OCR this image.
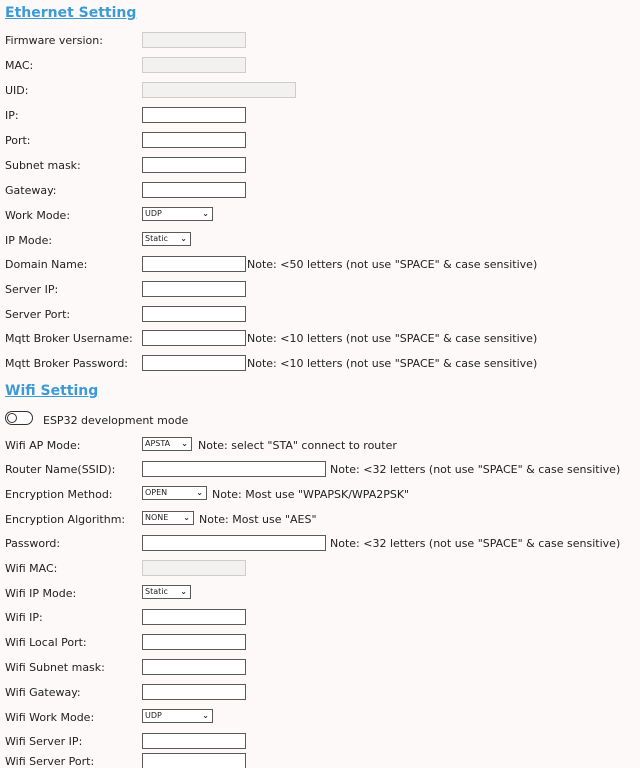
Ethernet Setting
Firmware version:
MAC:
UID:
IP:
Port:
Subnet mask:
Gateway:
Work Mode:	UDP	⌄
IP Mode:	Static ⌄
Domain Name:	Note: <50 letters (not use "SPACE" & case sensitive)
Server IP:
Server Port:
Mqtt Broker Username:	Note: <10 letters (not use "SPACE" & case sensitive)
Mqtt Broker Password:	Note: <10 letters (not use "SPACE" & case sensitive)
Wifi Setting
ESP32 development mode
Wifi AP Mode:	APSTA ⌄ Note: select "STA" connect to router
Router Name(SSID):	Note: <32 letters (not use "SPACE" & case sensitive)
Encryption Method:	OPEN	⌄ Note: Most use "WPAPSK/WPA2PSK"
Encryption Algorithm:	NONE ⌄ Note: Most use "AES"
Password:	Note: <32 letters (not use "SPACE" & case sensitive)
Wifi MAC:
Wifi IP Mode:	Static ⌄
Wifi IP:
Wifi Local Port:
Wifi Subnet mask:
Wifi Gateway:
Wifi Work Mode:	UDP	⌄
Wifi Server IP:
Wifi Server Port:
